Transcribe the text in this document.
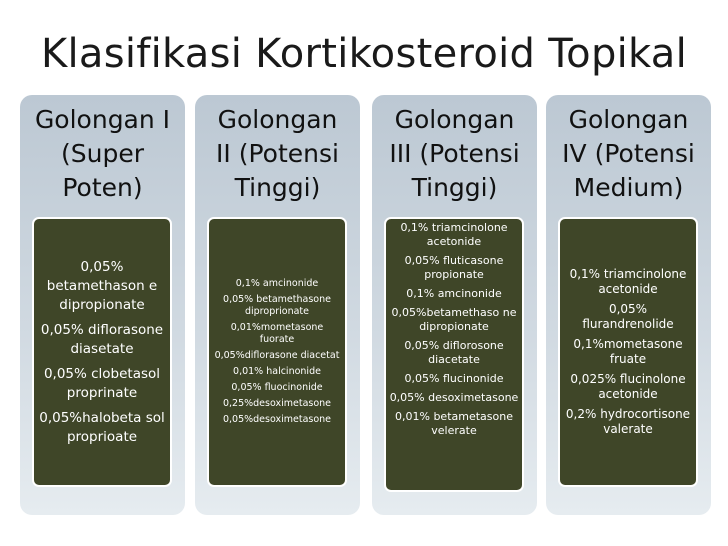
Klasifikasi Kortikosteroid Topikal
Golongan I
(Super
Poten)
0,05% betamethason e dipropionate
0,05% diflorasone diasetate
0,05% clobetasol proprinate
0,05%halobeta sol proprioate
Golongan
II (Potensi
Tinggi)
0,1% amcinonide
0,05% betamethasone diproprionate
0,01%mometasone fuorate
0,05%diflorasone diacetat
0,01% halcinonide
0,05% fluocinonide
0,25%desoximetasone
0,05%desoximetasone
Golongan
III (Potensi
Tinggi)
0,1% triamcinolone acetonide
0,05% fluticasone propionate
0,1% amcinonide
0,05%betamethaso ne dipropionate
0,05% diflorosone diacetate
0,05% flucinonide
0,05% desoximetasone
0,01% betametasone velerate
Golongan
IV (Potensi
Medium)
0,1% triamcinolone acetonide
0,05% flurandrenolide
0,1%mometasone fruate
0,025% flucinolone acetonide
0,2% hydrocortisone valerate
